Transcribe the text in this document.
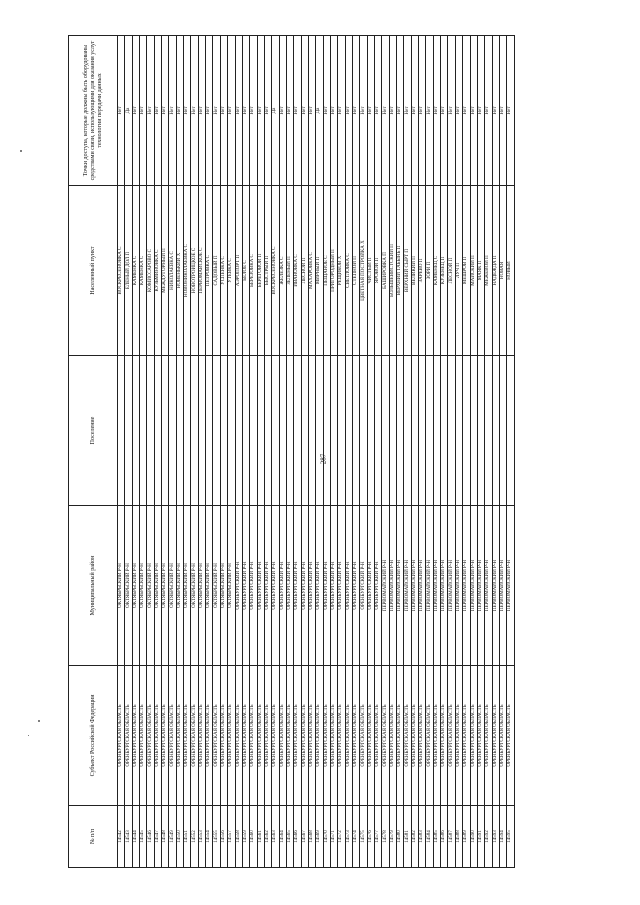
287
№ п/п	Субъект Российской Федерации	Муниципальный район	Поселение	Населенный пункт	Точки доступа, которые должны быть оборудованы средствами связи, использующими для оказания услуг технологии передачи данных
14542	ОРЕНБУРГСКАЯ ОБЛАСТЬ	ОКТЯБРЬСКИЙ Р-Н		ВОСКРЕСЕНОВКА С	Нет
14543	ОРЕНБУРГСКАЯ ОБЛАСТЬ	ОКТЯБРЬСКИЙ Р-Н		ЕЛЕНЫЙ ДОЛ П	Да
14544	ОРЕНБУРГСКАЯ ОБЛАСТЬ	ОКТЯБРЬСКИЙ Р-Н		КАМЕНКА С	Нет
14545	ОРЕНБУРГСКАЯ ОБЛАСТЬ	ОКТЯБРЬСКИЙ Р-Н		КАМЕНКА С	Нет
14546	ОРЕНБУРГСКАЯ ОБЛАСТЬ	ОКТЯБРЬСКИЙ Р-Н		КОМИССАРОВО С	Нет
14547	ОРЕНБУРГСКАЯ ОБЛАСТЬ	ОКТЯБРЬСКИЙ Р-Н		КУЗЬМИНОВКА С	Нет
14548	ОРЕНБУРГСКАЯ ОБЛАСТЬ	ОКТЯБРЬСКИЙ Р-Н		МЕЖДУГОРНЫЙ П	Нет
14549	ОРЕНБУРГСКАЯ ОБЛАСТЬ	ОКТЯБРЬСКИЙ Р-Н		НИКОЛАЕВКА С	Нет
14550	ОРЕНБУРГСКАЯ ОБЛАСТЬ	ОКТЯБРЬСКИЙ Р-Н		НОВЕНЬКИЙ Х	Нет
14551	ОРЕНБУРГСКАЯ ОБЛАСТЬ	ОКТЯБРЬСКИЙ Р-Н		НОВОНИКОЛАЕВКА С	Нет
14552	ОРЕНБУРГСКАЯ ОБЛАСТЬ	ОКТЯБРЬСКИЙ Р-Н		НОВОТРОИЦКОЕ С	Нет
14553	ОРЕНБУРГСКАЯ ОБЛАСТЬ	ОКТЯБРЬСКИЙ Р-Н		ПЕРВОМАЙСКОЕ С	Нет
14554	ОРЕНБУРГСКАЯ ОБЛАСТЬ	ОКТЯБРЬСКИЙ Р-Н		ПЕТРОВКА С	Нет
14555	ОРЕНБУРГСКАЯ ОБЛАСТЬ	ОКТЯБРЬСКИЙ Р-Н		САДОВЫЙ П	Нет
14556	ОРЕНБУРГСКАЯ ОБЛАСТЬ	ОКТЯБРЬСКИЙ Р-Н		УСПЕНКА С	Нет
14557	ОРЕНБУРГСКАЯ ОБЛАСТЬ	ОКТЯБРЬСКИЙ Р-Н		УТЕВКА С	Нет
14558	ОРЕНБУРГСКАЯ ОБЛАСТЬ	ОРЕНБУРГСКИЙ Р-Н		АЭРОПОРТ П	Нет
14559	ОРЕНБУРГСКАЯ ОБЛАСТЬ	ОРЕНБУРГСКИЙ Р-Н		БЕЛОЕ С	Нет
14560	ОРЕНБУРГСКАЯ ОБЛАСТЬ	ОРЕНБУРГСКИЙ Р-Н		БЕРЕЗОВКА С	Нет
14561	ОРЕНБУРГСКАЯ ОБЛАСТЬ	ОРЕНБУРГСКИЙ Р-Н		БЕРЕГОВОЙ П	Нет
14562	ОРЕНБУРГСКАЯ ОБЛАСТЬ	ОРЕНБУРГСКИЙ Р-Н		БЫСТРЫЙ П	Нет
14563	ОРЕНБУРГСКАЯ ОБЛАСТЬ	ОРЕНБУРГСКИЙ Р-Н		ВОСКРЕСЕНОВКА С	Да
14564	ОРЕНБУРГСКАЯ ОБЛАСТЬ	ОРЕНБУРГСКИЙ Р-Н		ЖЕЛЕЗКА С	Нет
14565	ОРЕНБУРГСКАЯ ОБЛАСТЬ	ОРЕНБУРГСКИЙ Р-Н		ЗЕЛЕНЫЙ П	Нет
14566	ОРЕНБУРГСКАЯ ОБЛАСТЬ	ОРЕНБУРГСКИЙ Р-Н		ИВАНОВКА С	Нет
14567	ОРЕНБУРГСКАЯ ОБЛАСТЬ	ОРЕНБУРГСКИЙ Р-Н		ЛЕСНОЙ П	Нет
14568	ОРЕНБУРГСКАЯ ОБЛАСТЬ	ОРЕНБУРГСКИЙ Р-Н		МАХАРОВКА С	Нет
14569	ОРЕНБУРГСКАЯ ОБЛАСТЬ	ОРЕНБУРГСКИЙ Р-Н		МИРНЫЙ П	Да
14570	ОРЕНБУРГСКАЯ ОБЛАСТЬ	ОРЕНБУРГСКИЙ Р-Н		ПЕЩАНОЕ С	Нет
14571	ОРЕНБУРГСКАЯ ОБЛАСТЬ	ОРЕНБУРГСКИЙ Р-Н		ПРИГОРОДНЫЙ П	Нет
14572	ОРЕНБУРГСКАЯ ОБЛАСТЬ	ОРЕНБУРГСКИЙ Р-Н		РЕЩИКОВ Х	Нет
14573	ОРЕНБУРГСКАЯ ОБЛАСТЬ	ОРЕНБУРГСКИЙ Р-Н		СВЕТЛОВКА С	Нет
14574	ОРЕНБУРГСКАЯ ОБЛАСТЬ	ОРЕНБУРГСКИЙ Р-Н		СТЕПНОЙ П	Нет
14575	ОРЕНБУРГСКАЯ ОБЛАСТЬ	ОРЕНБУРГСКИЙ Р-Н		ЦВЕТНАЯ ПОСТРОЙКА Х	Нет
14576	ОРЕНБУРГСКАЯ ОБЛАСТЬ	ОРЕНБУРГСКИЙ Р-Н		ЧИСТЫЙ П	Нет
14577	ОРЕНБУРГСКАЯ ОБЛАСТЬ	ОРЕНБУРГСКИЙ Р-Н		ЯРОВОЙ П	Нет
14578	ОРЕНБУРГСКАЯ ОБЛАСТЬ	ПЕРВОМАЙСКИЙ Р-Н		БАШИРОВКА П	Нет
14579	ОРЕНБУРГСКАЯ ОБЛАСТЬ	ПЕРВОМАЙСКИЙ Р-Н		БОЛЬШЕВИСТСКИЙ П	Нет
14580	ОРЕНБУРГСКАЯ ОБЛАСТЬ	ПЕРВОМАЙСКИЙ Р-Н		ВЕРХНИЙ ТАБЫНЬ П	Нет
14581	ОРЕНБУРГСКАЯ ОБЛАСТЬ	ПЕРВОМАЙСКИЙ Р-Н		ВЕРХНИЙ СЫРТ П	Нет
14582	ОРЕНБУРГСКАЯ ОБЛАСТЬ	ПЕРВОМАЙСКИЙ Р-Н		ВЕЛИКИЙ П	Нет
14583	ОРЕНБУРГСКАЯ ОБЛАСТЬ	ПЕРВОМАЙСКИЙ Р-Н		ЗАРЕВО П	Нет
14584	ОРЕНБУРГСКАЯ ОБЛАСТЬ	ПЕРВОМАЙСКИЙ Р-Н		ЗОРИ П	Нет
14585	ОРЕНБУРГСКАЯ ОБЛАСТЬ	ПЕРВОМАЙСКИЙ Р-Н		КАМЕНЕЦ С	Нет
14586	ОРЕНБУРГСКАЯ ОБЛАСТЬ	ПЕРВОМАЙСКИЙ Р-Н		КУЗЕНЕЦ П	Нет
14587	ОРЕНБУРГСКАЯ ОБЛАСТЬ	ПЕРВОМАЙСКИЙ Р-Н		ЛЕСНОЙ П	Нет
14588	ОРЕНБУРГСКАЯ ОБЛАСТЬ	ПЕРВОМАЙСКИЙ Р-Н		ЛУЧ П	Нет
14589	ОРЕНБУРГСКАЯ ОБЛАСТЬ	ПЕРВОМАЙСКИЙ Р-Н		МЕШРОВ П	Нет
14590	ОРЕНБУРГСКАЯ ОБЛАСТЬ	ПЕРВОМАЙСКИЙ Р-Н		МАЙСКИЙ П	Нет
14591	ОРЕНБУРГСКАЯ ОБЛАСТЬ	ПЕРВОМАЙСКИЙ Р-Н		МАЯК П	Нет
14592	ОРЕНБУРГСКАЯ ОБЛАСТЬ	ПЕРВОМАЙСКИЙ Р-Н		МЕЖЕВОЙ П	Нет
14593	ОРЕНБУРГСКАЯ ОБЛАСТЬ	ПЕРВОМАЙСКИЙ Р-Н		НАДЕЖДА П	Нет
14594	ОРЕНБУРГСКАЯ ОБЛАСТЬ	ПЕРВОМАЙСКИЙ Р-Н		НОВАЯ	Нет
14595	ОРЕНБУРГСКАЯ ОБЛАСТЬ	ПЕРВОМАЙСКИЙ Р-Н		НОВЫЙ	Нет
